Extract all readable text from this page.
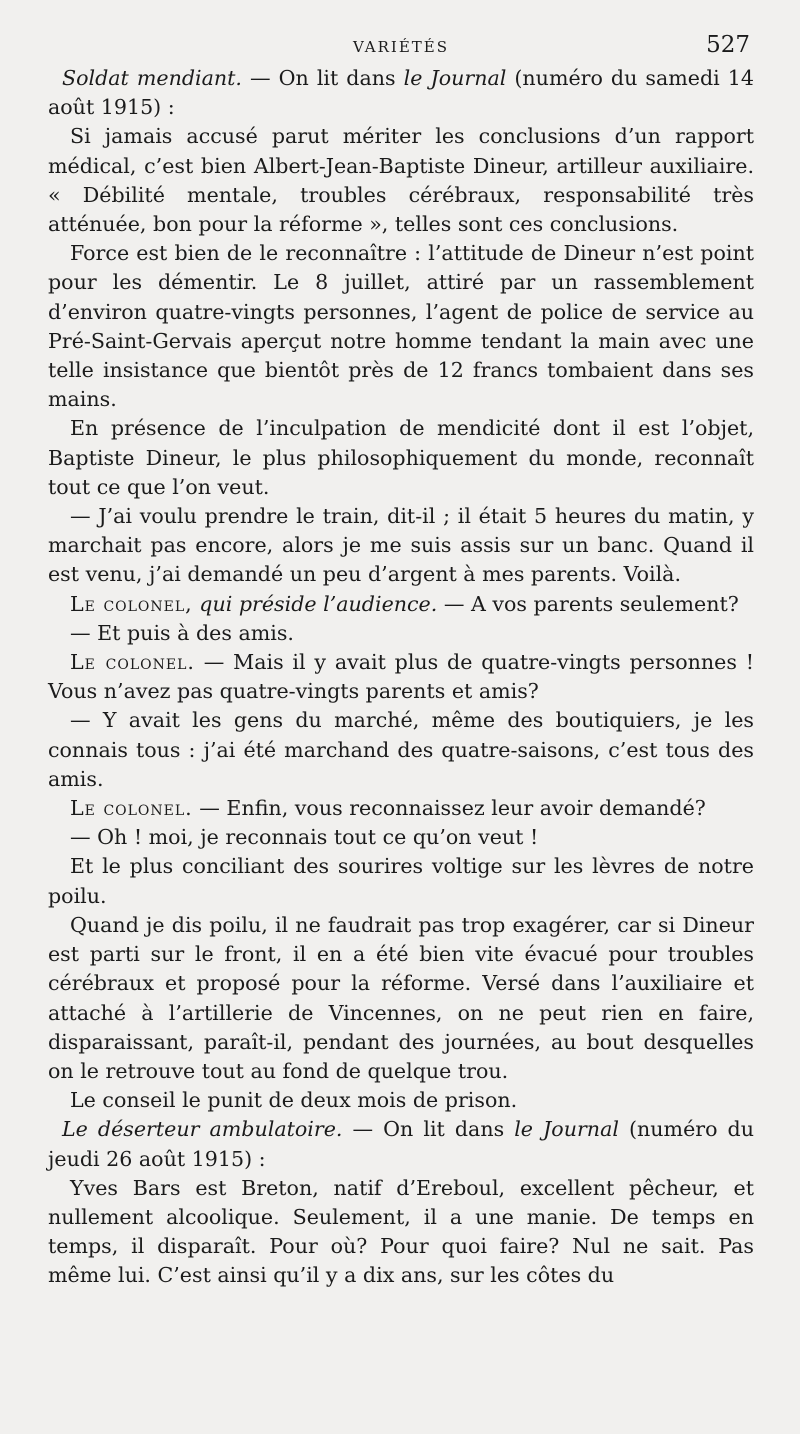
VARIÉTÉS	527

Soldat mendiant. — On lit dans le Journal (numéro du samedi 14 août 1915) :

Si jamais accusé parut mériter les conclusions d’un rapport médical, c’est bien Albert-Jean-Baptiste Dineur, artilleur auxiliaire. « Débilité mentale, troubles cérébraux, responsabilité très atténuée, bon pour la réforme », telles sont ces conclusions.

Force est bien de le reconnaître : l’attitude de Dineur n’est point pour les démentir. Le 8 juillet, attiré par un rassemblement d’environ quatre-vingts personnes, l’agent de police de service au Pré-Saint-Gervais aperçut notre homme tendant la main avec une telle insistance que bientôt près de 12 francs tombaient dans ses mains.

En présence de l’inculpation de mendicité dont il est l’objet, Baptiste Dineur, le plus philosophiquement du monde, reconnaît tout ce que l’on veut.

— J’ai voulu prendre le train, dit-il ; il était 5 heures du matin, y marchait pas encore, alors je me suis assis sur un banc. Quand il est venu, j’ai demandé un peu d’argent à mes parents. Voilà.

Le colonel, qui préside l’audience. — A vos parents seulement?

— Et puis à des amis.

Le colonel. — Mais il y avait plus de quatre-vingts personnes ! Vous n’avez pas quatre-vingts parents et amis?

— Y avait les gens du marché, même des boutiquiers, je les connais tous : j’ai été marchand des quatre-saisons, c’est tous des amis.

Le colonel. — Enfin, vous reconnaissez leur avoir demandé?

— Oh ! moi, je reconnais tout ce qu’on veut !

Et le plus conciliant des sourires voltige sur les lèvres de notre poilu.

Quand je dis poilu, il ne faudrait pas trop exagérer, car si Dineur est parti sur le front, il en a été bien vite évacué pour troubles cérébraux et proposé pour la réforme. Versé dans l’auxiliaire et attaché à l’artillerie de Vincennes, on ne peut rien en faire, disparaissant, paraît-il, pendant des journées, au bout desquelles on le retrouve tout au fond de quelque trou.

Le conseil le punit de deux mois de prison.

Le déserteur ambulatoire. — On lit dans le Journal (numéro du jeudi 26 août 1915) :

Yves Bars est Breton, natif d’Ereboul, excellent pêcheur, et nullement alcoolique. Seulement, il a une manie. De temps en temps, il disparaît. Pour où? Pour quoi faire? Nul ne sait. Pas même lui. C’est ainsi qu’il y a dix ans, sur les côtes du
